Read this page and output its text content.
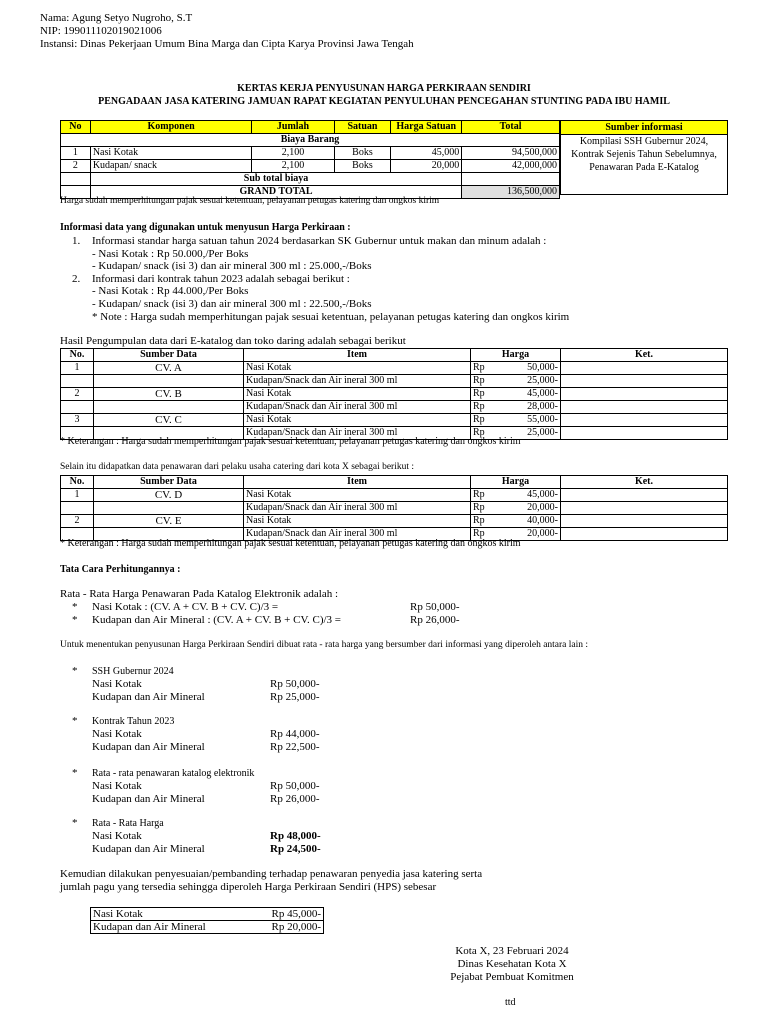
Nama: Agung Setyo Nugroho, S.T
NIP: 199011102019021006
Instansi: Dinas Pekerjaan Umum Bina Marga dan Cipta Karya Provinsi Jawa Tengah
KERTAS KERJA PENYUSUNAN HARGA PERKIRAAN SENDIRI
PENGADAAN JASA KATERING JAMUAN RAPAT KEGIATAN PENYULUHAN PENCEGAHAN STUNTING PADA IBU HAMIL
No	Komponen	Jumlah	Satuan	Harga Satuan	Total
Biaya Barang					
1	Nasi Kotak	2,100	Boks	45,000	94,500,000
2	Kudapan/ snack	2,100	Boks	20,000	42,000,000
	Sub total biaya				
	GRAND TOTAL				136,500,000
Sumber informasi
Kompilasi SSH Gubernur 2024, Kontrak Sejenis Tahun Sebelumnya, Penawaran Pada E-Katalog
Harga sudah memperhitungan pajak sesuai ketentuan, pelayanan petugas katering dan ongkos kirim
Informasi data yang digunakan untuk menyusun Harga Perkiraan :
1.	Informasi standar harga satuan tahun 2024 berdasarkan SK Gubernur untuk makan dan minum adalah :
- Nasi Kotak : Rp 50.000,/Per Boks
- Kudapan/ snack (isi 3) dan air mineral 300 ml : 25.000,-/Boks
2.	Informasi dari kontrak tahun 2023 adalah sebagai berikut :
- Nasi Kotak : Rp 44.000,/Per Boks
- Kudapan/ snack (isi 3) dan air mineral 300 ml : 22.500,-/Boks
* Note : Harga sudah memperhitungan pajak sesuai ketentuan, pelayanan petugas katering dan ongkos kirim
Hasil Pengumpulan data dari E-katalog dan toko daring adalah sebagai berikut
No.	Sumber Data	Item	Harga	Ket.
1	CV. A	Nasi Kotak	Rp 50,000-	

		Kudapan/Snack dan Air ineral 300 ml	Rp 25,000-	

2	CV. B	Nasi Kotak	Rp 45,000-	

		Kudapan/Snack dan Air ineral 300 ml	Rp 28,000-	

3	CV. C	Nasi Kotak	Rp 55,000-	

		Kudapan/Snack dan Air ineral 300 ml	Rp 25,000-	

* Keterangan : Harga sudah memperhitungan pajak sesuai ketentuan, pelayanan petugas katering dan ongkos kirim
Selain itu didapatkan data penawaran dari pelaku usaha catering dari kota X sebagai berikut :
No.	Sumber Data	Item	Harga	Ket.
1	CV. D	Nasi Kotak	Rp 45,000-	

		Kudapan/Snack dan Air ineral 300 ml	Rp 20,000-	

2	CV. E	Nasi Kotak	Rp 40,000-	

		Kudapan/Snack dan Air ineral 300 ml	Rp 20,000-	

* Keterangan : Harga sudah memperhitungan pajak sesuai ketentuan, pelayanan petugas katering dan ongkos kirim
Tata Cara Perhitungannya :
Rata - Rata Harga Penawaran Pada Katalog Elektronik adalah :
* Nasi Kotak : (CV. A + CV. B + CV. C)/3 =	Rp 50,000-
* Kudapan dan Air Mineral : (CV. A + CV. B + CV. C)/3 =	Rp 26,000-
Untuk menentukan penyusunan Harga Perkiraan Sendiri dibuat rata - rata harga yang bersumber dari informasi yang diperoleh antara lain :
* SSH Gubernur 2024
Nasi Kotak	Rp 50,000-
Kudapan dan Air Mineral	Rp 25,000-
* Kontrak Tahun 2023
Nasi Kotak	Rp 44,000-
Kudapan dan Air Mineral	Rp 22,500-
* Rata - rata penawaran katalog elektronik
Nasi Kotak	Rp 50,000-
Kudapan dan Air Mineral	Rp 26,000-
* Rata - Rata Harga
Nasi Kotak	Rp 48,000-
Kudapan dan Air Mineral	Rp 24,500-
Kemudian dilakukan penyesuaian/pembanding terhadap penawaran penyedia jasa katering serta
jumlah pagu yang tersedia sehingga diperoleh Harga Perkiraan Sendiri (HPS) sebesar
Nasi Kotak	Rp 45,000-
Kudapan dan Air Mineral	Rp 20,000-
Kota X, 23 Februari 2024
Dinas Kesehatan Kota X
Pejabat Pembuat Komitmen
ttd
